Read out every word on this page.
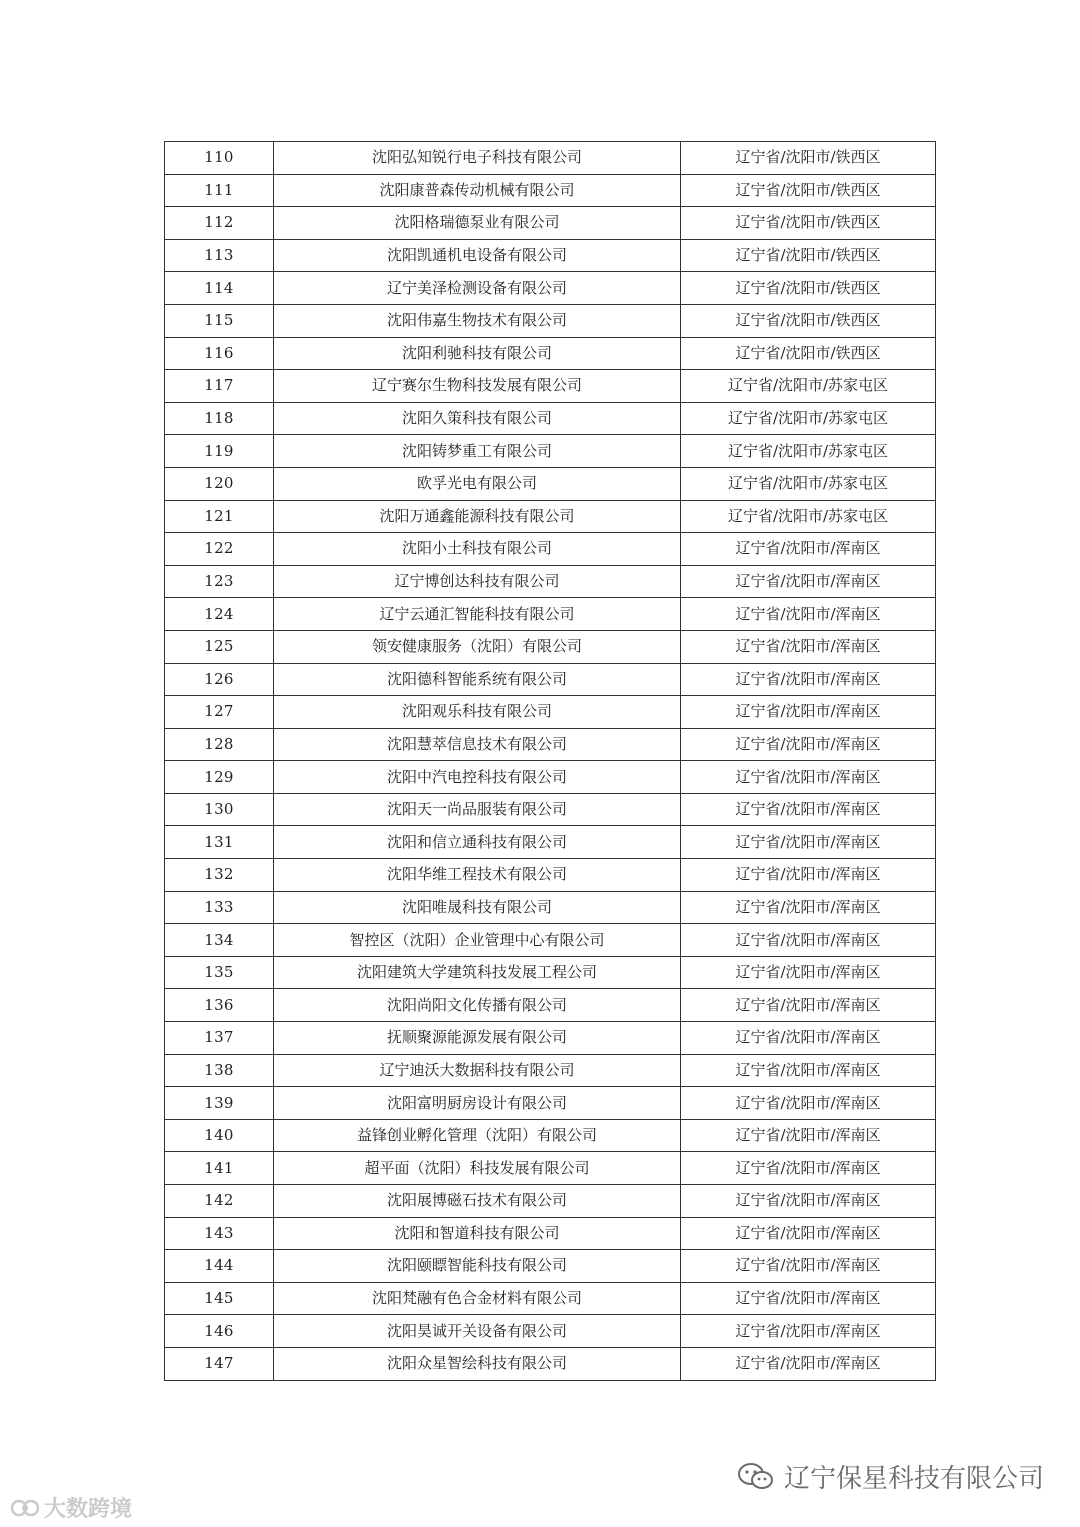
110	沈阳弘知锐行电子科技有限公司	辽宁省/沈阳市/铁西区
111	沈阳康普森传动机械有限公司	辽宁省/沈阳市/铁西区
112	沈阳格瑞德泵业有限公司	辽宁省/沈阳市/铁西区
113	沈阳凯通机电设备有限公司	辽宁省/沈阳市/铁西区
114	辽宁美泽检测设备有限公司	辽宁省/沈阳市/铁西区
115	沈阳伟嘉生物技术有限公司	辽宁省/沈阳市/铁西区
116	沈阳利驰科技有限公司	辽宁省/沈阳市/铁西区
117	辽宁赛尔生物科技发展有限公司	辽宁省/沈阳市/苏家屯区
118	沈阳久策科技有限公司	辽宁省/沈阳市/苏家屯区
119	沈阳铸梦重工有限公司	辽宁省/沈阳市/苏家屯区
120	欧孚光电有限公司	辽宁省/沈阳市/苏家屯区
121	沈阳万通鑫能源科技有限公司	辽宁省/沈阳市/苏家屯区
122	沈阳小土科技有限公司	辽宁省/沈阳市/浑南区
123	辽宁博创达科技有限公司	辽宁省/沈阳市/浑南区
124	辽宁云通汇智能科技有限公司	辽宁省/沈阳市/浑南区
125	领安健康服务（沈阳）有限公司	辽宁省/沈阳市/浑南区
126	沈阳德科智能系统有限公司	辽宁省/沈阳市/浑南区
127	沈阳观乐科技有限公司	辽宁省/沈阳市/浑南区
128	沈阳慧萃信息技术有限公司	辽宁省/沈阳市/浑南区
129	沈阳中汽电控科技有限公司	辽宁省/沈阳市/浑南区
130	沈阳天一尚品服装有限公司	辽宁省/沈阳市/浑南区
131	沈阳和信立通科技有限公司	辽宁省/沈阳市/浑南区
132	沈阳华维工程技术有限公司	辽宁省/沈阳市/浑南区
133	沈阳唯晟科技有限公司	辽宁省/沈阳市/浑南区
134	智控区（沈阳）企业管理中心有限公司	辽宁省/沈阳市/浑南区
135	沈阳建筑大学建筑科技发展工程公司	辽宁省/沈阳市/浑南区
136	沈阳尚阳文化传播有限公司	辽宁省/沈阳市/浑南区
137	抚顺聚源能源发展有限公司	辽宁省/沈阳市/浑南区
138	辽宁迪沃大数据科技有限公司	辽宁省/沈阳市/浑南区
139	沈阳富明厨房设计有限公司	辽宁省/沈阳市/浑南区
140	益锋创业孵化管理（沈阳）有限公司	辽宁省/沈阳市/浑南区
141	超平面（沈阳）科技发展有限公司	辽宁省/沈阳市/浑南区
142	沈阳展博磁石技术有限公司	辽宁省/沈阳市/浑南区
143	沈阳和智道科技有限公司	辽宁省/沈阳市/浑南区
144	沈阳颐瞟智能科技有限公司	辽宁省/沈阳市/浑南区
145	沈阳梵融有色合金材料有限公司	辽宁省/沈阳市/浑南区
146	沈阳昊诚开关设备有限公司	辽宁省/沈阳市/浑南区
147	沈阳众星智绘科技有限公司	辽宁省/沈阳市/浑南区
大数跨境
辽宁保星科技有限公司
